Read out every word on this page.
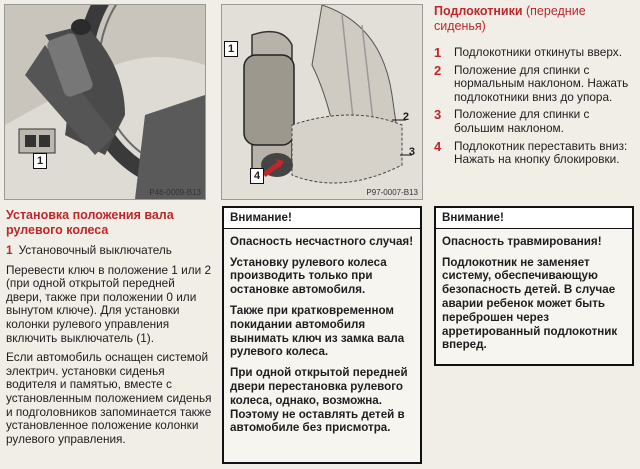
1
P46-0009-B13
1
2
3
4
P97-0007-B13
Установка положения вала рулевого колеса
1 Установочный выключатель

Перевести ключ в положение 1 или 2 (при одной открытой передней двери, также при положении 0 или вынутом ключе). Для установки колонки рулевого управления включить выключатель (1).

Если автомобиль оснащен системой электрич. установки сиденья водителя и памятью, вместе с установленным положением сиденья и подголовников запоминается также установленное положение колонки рулевого управления.

Внимание!

Опасность несчастного случая!

Установку рулевого колеса производить только при остановке автомобиля.

Также при кратковременном покидании автомобиля вынимать ключ из замка вала рулевого колеса.

При одной открытой передней двери перестановка рулевого колеса, однако, возможна. Поэтому не оставлять детей в автомобиле без присмотра.

Подлокотники (передние сиденья)
1	Подлокотники откинуты вверх.
2	Положение для спинки с нормальным наклоном. Нажать подлокотники вниз до упора.
3	Положение для спинки с большим наклоном.
4	Подлокотник переставить вниз: Нажать на кнопку блокировки.
Внимание!

Опасность травмирования!

Подлокотник не заменяет систему, обеспечивающую безопасность детей. В случае аварии ребенок может быть переброшен через арретированный подлокотник вперед.
